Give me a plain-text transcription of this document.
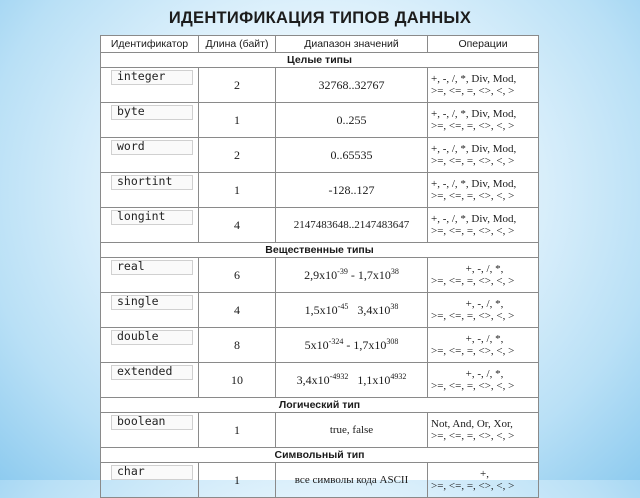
ИДЕНТИФИКАЦИЯ ТИПОВ ДАННЫХ
Идентификатор	Длина (байт)	Диапазон значений	Операции
Целые типы			

integer	2	32768..32767	+, -, /, *, Div, Mod,
>=, <=, =, <>, <, >

byte	1	0..255	+, -, /, *, Div, Mod,
>=, <=, =, <>, <, >

word	2	0..65535	+, -, /, *, Div, Mod,
>=, <=, =, <>, <, >

shortint	1	-128..127	+, -, /, *, Div, Mod,
>=, <=, =, <>, <, >

longint	4	2147483648..2147483647	+, -, /, *, Div, Mod,
>=, <=, =, <>, <, >

Вещественные типы			

real	6	$2,9x10^{-39} - 1,7x10^{38}$	+, -, /, *,
>=, <=, =, <>, <, >

single	4	$1,5x10^{-45}$ $3,4x10^{38}$	+, -, /, *,
>=, <=, =, <>, <, >

double	8	$5x10^{-324} - 1,7x10^{308}$	+, -, /, *,
>=, <=, =, <>, <, >

extended	10	$3,4x10^{-4932}$ $1,1x10^{4932}$	+, -, /, *,
>=, <=, =, <>, <, >

Логический тип			

boolean	1	true, false	Not, And, Or, Xor,
>=, <=, =, <>, <, >

Символьный тип			

char	1	все символы кода ASCII	+,
>=, <=, =, <>, <, >
